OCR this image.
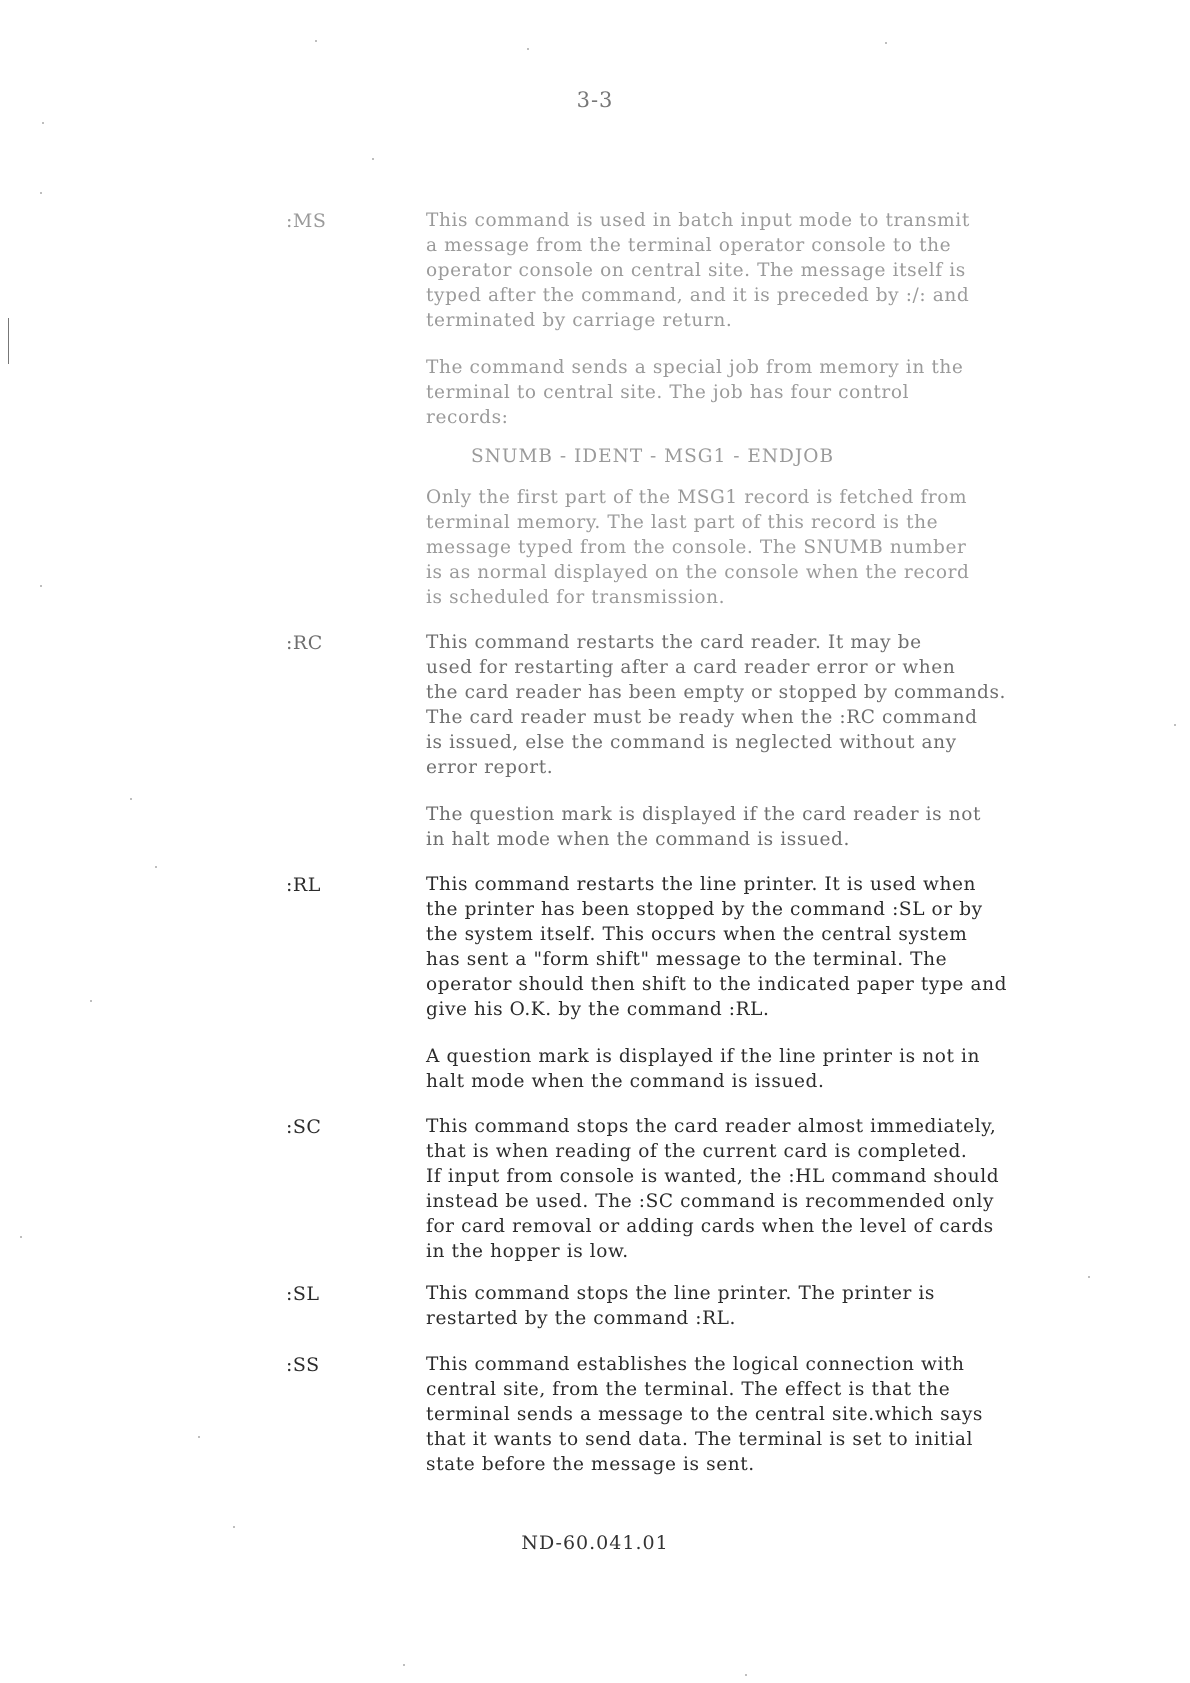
3-3
:MS	This command is used in batch input mode to transmit
a message from the terminal operator console to the
operator console on central site. The message itself is
typed after the command, and it is preceded by :/: and
terminated by carriage return.

The command sends a special job from memory in the
terminal to central site. The job has four control
records:

SNUMB - IDENT - MSG1 - ENDJOB

Only the first part of the MSG1 record is fetched from
terminal memory. The last part of this record is the
message typed from the console. The SNUMB number
is as normal displayed on the console when the record
is scheduled for transmission.

:RC	This command restarts the card reader. It may be
used for restarting after a card reader error or when
the card reader has been empty or stopped by commands.
The card reader must be ready when the :RC command
is issued, else the command is neglected without any
error report.

The question mark is displayed if the card reader is not
in halt mode when the command is issued.

:RL	This command restarts the line printer. It is used when
the printer has been stopped by the command :SL or by
the system itself. This occurs when the central system
has sent a "form shift" message to the terminal. The
operator should then shift to the indicated paper type and
give his O.K. by the command :RL.

A question mark is displayed if the line printer is not in
halt mode when the command is issued.

:SC	This command stops the card reader almost immediately,
that is when reading of the current card is completed.
If input from console is wanted, the :HL command should
instead be used. The :SC command is recommended only
for card removal or adding cards when the level of cards
in the hopper is low.

:SL	This command stops the line printer. The printer is
restarted by the command :RL.

:SS	This command establishes the logical connection with
central site, from the terminal. The effect is that the
terminal sends a message to the central site.which says
that it wants to send data. The terminal is set to initial
state before the message is sent.

ND-60.041.01
